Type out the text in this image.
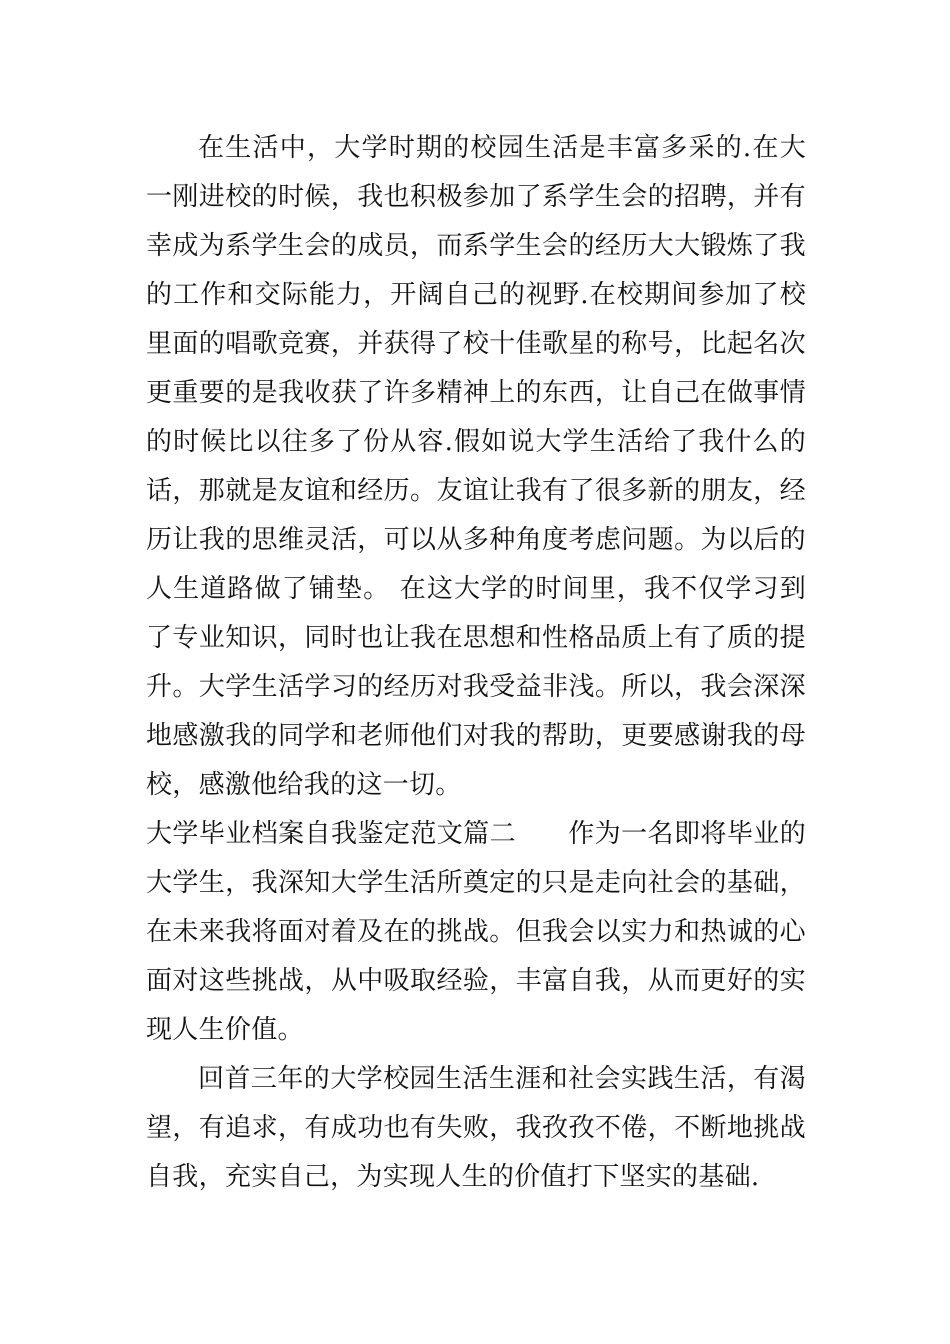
在生活中，大学时期的校园生活是丰富多采的.在大一刚进校的时候，我也积极参加了系学生会的招聘，并有幸成为系学生会的成员，而系学生会的经历大大锻炼了我的工作和交际能力，开阔自己的视野.在校期间参加了校里面的唱歌竞赛，并获得了校十佳歌星的称号，比起名次更重要的是我收获了许多精神上的东西，让自己在做事情的时候比以往多了份从容.假如说大学生活给了我什么的话，那就是友谊和经历。友谊让我有了很多新的朋友，经历让我的思维灵活，可以从多种角度考虑问题。为以后的人生道路做了铺垫。 在这大学的时间里，我不仅学习到了专业知识，同时也让我在思想和性格品质上有了质的提升。大学生活学习的经历对我受益非浅。所以，我会深深地感激我的同学和老师他们对我的帮助，更要感谢我的母校，感激他给我的这一切。

大学毕业档案自我鉴定范文篇二 作为一名即将毕业的大学生，我深知大学生活所奠定的只是走向社会的基础，在未来我将面对着及在的挑战。但我会以实力和热诚的心面对这些挑战，从中吸取经验，丰富自我，从而更好的实现人生价值。

回首三年的大学校园生活生涯和社会实践生活，有渴望，有追求，有成功也有失败，我孜孜不倦，不断地挑战自我，充实自己，为实现人生的价值打下坚实的基础.
